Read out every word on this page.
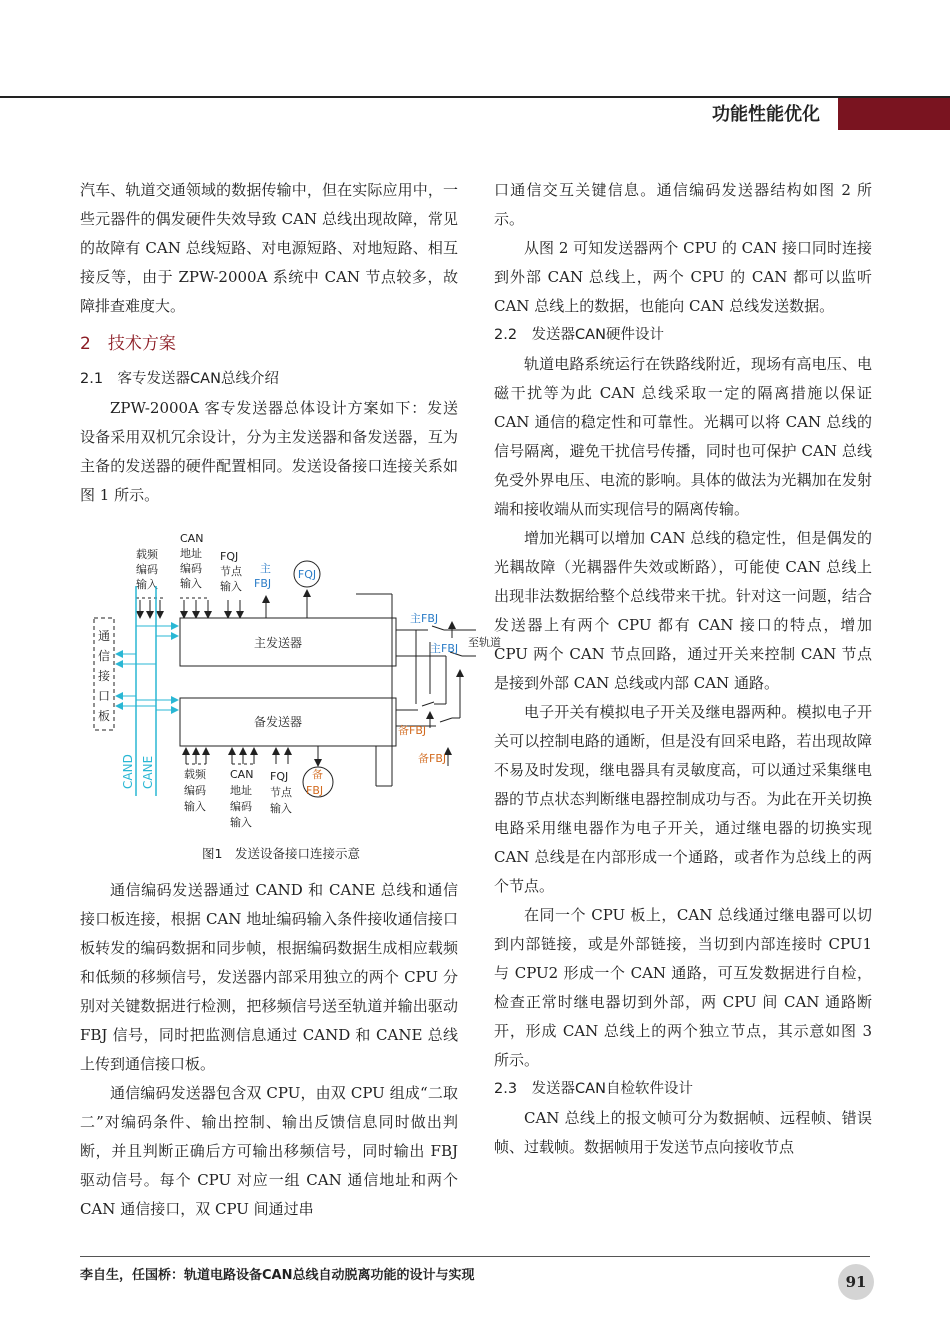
功能性能优化

汽车、轨道交通领域的数据传输中，但在实际应用中，一些元器件的偶发硬件失效导致 CAN 总线出现故障，常见的故障有 CAN 总线短路、对电源短路、对地短路、相互接反等，由于 ZPW-2000A 系统中 CAN 节点较多，故障排查难度大。

2　技术方案
2.1　客专发送器CAN总线介绍

ZPW-2000A 客专发送器总体设计方案如下：发送设备采用双机冗余设计，分为主发送器和备发送器，互为主备的发送器的硬件配置相同。发送设备接口连接关系如图 1 所示。

载频 编码 输入
CAN 地址 编码 输入
FQJ 节点 输入
主 FBJ
FQJ
通 信 接 口 板
CAND CANE
主发送器
备发送器
主FBJ
主FBJ 至轨道
备FBJ
备FBJ
载频 编码 输入
CAN 地址 编码 输入
FQJ 节点 输入
备 FBJ
图1　发送设备接口连接示意

通信编码发送器通过 CAND 和 CANE 总线和通信接口板连接，根据 CAN 地址编码输入条件接收通信接口板转发的编码数据和同步帧，根据编码数据生成相应载频和低频的移频信号，发送器内部采用独立的两个 CPU 分别对关键数据进行检测，把移频信号送至轨道并输出驱动 FBJ 信号，同时把监测信息通过 CAND 和 CANE 总线上传到通信接口板。

通信编码发送器包含双 CPU，由双 CPU 组成“二取二”对编码条件、输出控制、输出反馈信息同时做出判断，并且判断正确后方可输出移频信号，同时输出 FBJ 驱动信号。每个 CPU 对应一组 CAN 通信地址和两个 CAN 通信接口，双 CPU 间通过串

口通信交互关键信息。通信编码发送器结构如图 2 所示。

从图 2 可知发送器两个 CPU 的 CAN 接口同时连接到外部 CAN 总线上，两个 CPU 的 CAN 都可以监听 CAN 总线上的数据，也能向 CAN 总线发送数据。

2.2　发送器CAN硬件设计

轨道电路系统运行在铁路线附近，现场有高电压、电磁干扰等为此 CAN 总线采取一定的隔离措施以保证 CAN 通信的稳定性和可靠性。光耦可以将 CAN 总线的信号隔离，避免干扰信号传播，同时也可保护 CAN 总线免受外界电压、电流的影响。具体的做法为光耦加在发射端和接收端从而实现信号的隔离传输。

增加光耦可以增加 CAN 总线的稳定性，但是偶发的光耦故障（光耦器件失效或断路），可能使 CAN 总线上出现非法数据给整个总线带来干扰。针对这一问题，结合发送器上有两个 CPU 都有 CAN 接口的特点，增加 CPU 两个 CAN 节点回路，通过开关来控制 CAN 节点是接到外部 CAN 总线或内部 CAN 通路。

电子开关有模拟电子开关及继电器两种。模拟电子开关可以控制电路的通断，但是没有回采电路，若出现故障不易及时发现，继电器具有灵敏度高，可以通过采集继电器的节点状态判断继电器控制成功与否。为此在开关切换电路采用继电器作为电子开关，通过继电器的切换实现 CAN 总线是在内部形成一个通路，或者作为总线上的两个节点。

在同一个 CPU 板上，CAN 总线通过继电器可以切到内部链接，或是外部链接，当切到内部连接时 CPU1 与 CPU2 形成一个 CAN 通路，可互发数据进行自检，检查正常时继电器切到外部，两 CPU 间 CAN 通路断开，形成 CAN 总线上的两个独立节点，其示意如图 3 所示。

2.3　发送器CAN自检软件设计

CAN 总线上的报文帧可分为数据帧、远程帧、错误帧、过载帧。数据帧用于发送节点向接收节点

李自生，任国桥：轨道电路设备CAN总线自动脱离功能的设计与实现	91
